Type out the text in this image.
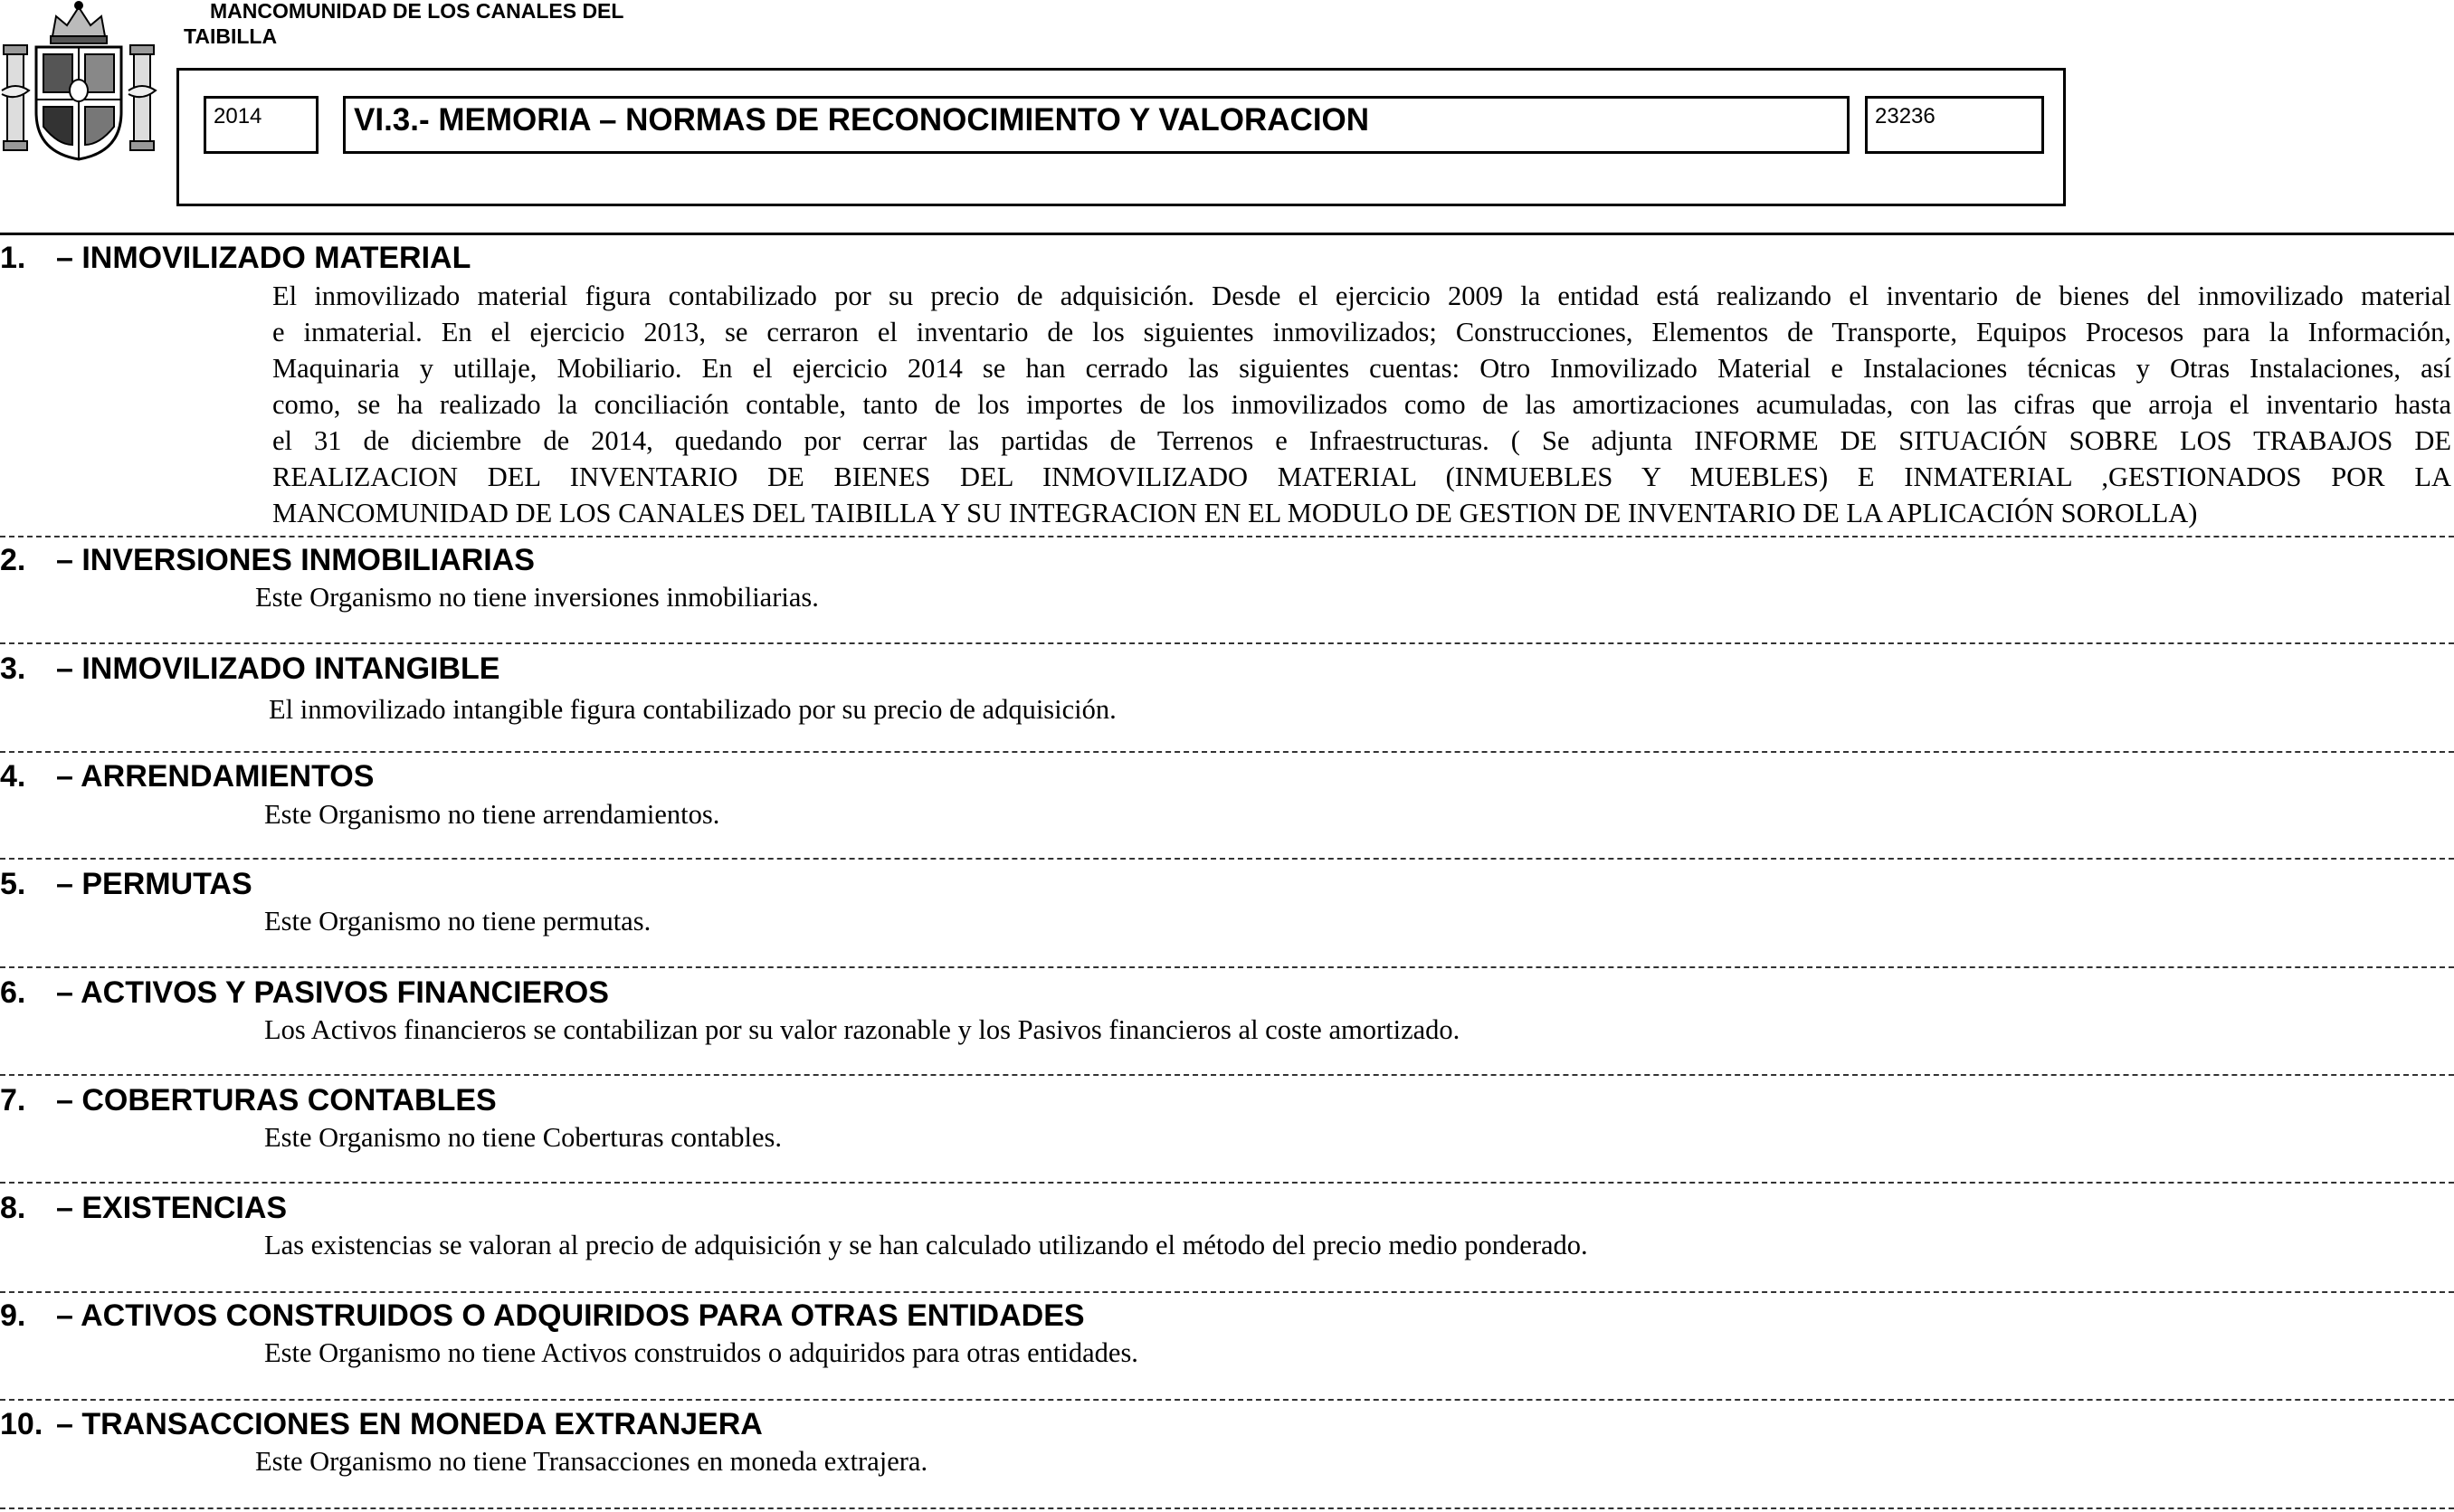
MANCOMUNIDAD DE LOS CANALES DEL
TAIBILLA
2014	VI.3.- MEMORIA – NORMAS DE RECONOCIMIENTO Y VALORACION	23236
1. – INMOVILIZADO MATERIAL
El inmovilizado material figura contabilizado por su precio de adquisición. Desde el ejercicio 2009 la entidad está realizando el inventario de bienes del inmovilizado material
e inmaterial. En el ejercicio 2013, se cerraron el inventario de los siguientes inmovilizados; Construcciones, Elementos de Transporte, Equipos Procesos para la Información,
Maquinaria y utillaje, Mobiliario. En el ejercicio 2014 se han cerrado las siguientes cuentas: Otro Inmovilizado Material e Instalaciones técnicas y Otras Instalaciones, así
como, se ha realizado la conciliación contable, tanto de los importes de los inmovilizados como de las amortizaciones acumuladas, con las cifras que arroja el inventario hasta
el 31 de diciembre de 2014, quedando por cerrar las partidas de Terrenos e Infraestructuras. ( Se adjunta INFORME DE SITUACIÓN SOBRE LOS TRABAJOS DE
REALIZACION DEL INVENTARIO DE BIENES DEL INMOVILIZADO MATERIAL (INMUEBLES Y MUEBLES) E INMATERIAL ,GESTIONADOS POR LA
MANCOMUNIDAD DE LOS CANALES DEL TAIBILLA Y SU INTEGRACION EN EL MODULO DE GESTION DE INVENTARIO DE LA APLICACIÓN SOROLLA)
2. – INVERSIONES INMOBILIARIAS
Este Organismo no tiene inversiones inmobiliarias.
3. – INMOVILIZADO INTANGIBLE
El inmovilizado intangible figura contabilizado por su precio de adquisición.
4. – ARRENDAMIENTOS
Este Organismo no tiene arrendamientos.
5. – PERMUTAS
Este Organismo no tiene permutas.
6. – ACTIVOS Y PASIVOS FINANCIEROS
Los Activos financieros se contabilizan por su valor razonable y los Pasivos financieros al coste amortizado.
7. – COBERTURAS CONTABLES
Este Organismo no tiene Coberturas contables.
8. – EXISTENCIAS
Las existencias se valoran al precio de adquisición y se han calculado utilizando el método del precio medio ponderado.
9. – ACTIVOS CONSTRUIDOS O ADQUIRIDOS PARA OTRAS ENTIDADES
Este Organismo no tiene Activos construidos o adquiridos para otras entidades.
10. – TRANSACCIONES EN MONEDA EXTRANJERA
Este Organismo no tiene Transacciones en moneda extrajera.
